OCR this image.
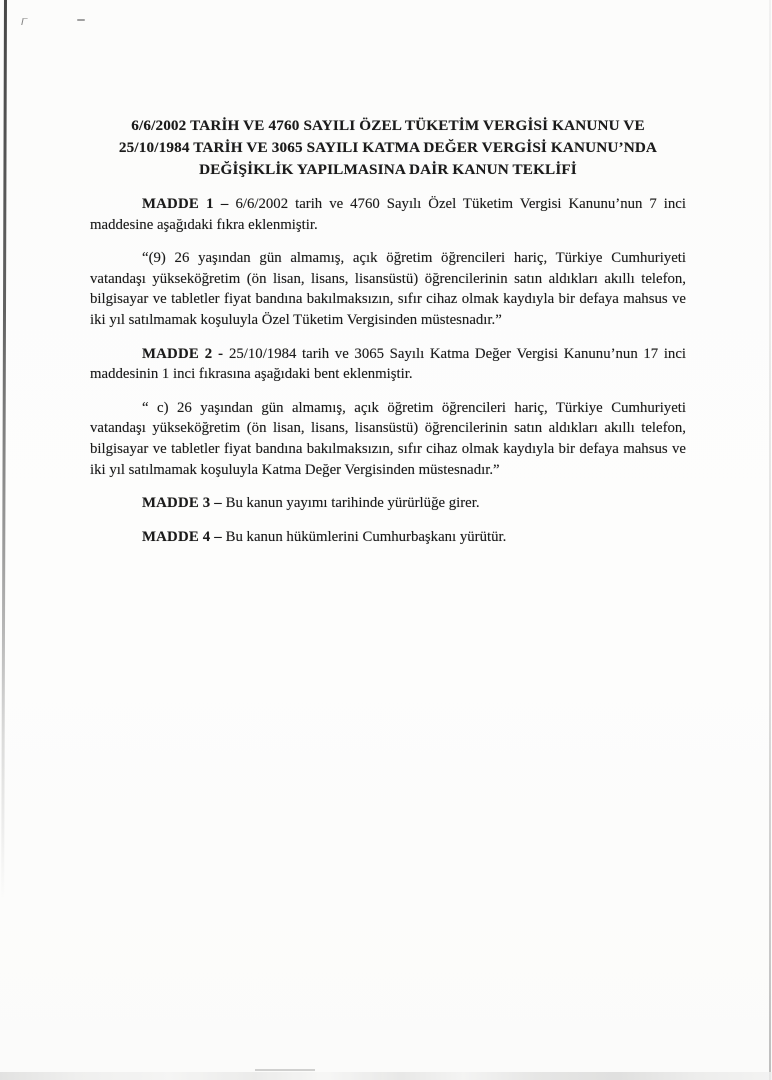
6/6/2002 TARİH VE 4760 SAYILI ÖZEL TÜKETİM VERGİSİ KANUNU VE
25/10/1984 TARİH VE 3065 SAYILI KATMA DEĞER VERGİSİ KANUNU’NDA
DEĞİŞİKLİK YAPILMASINA DAİR KANUN TEKLİFİ

MADDE 1 – 6/6/2002 tarih ve 4760 Sayılı Özel Tüketim Vergisi Kanunu’nun 7 inci maddesine aşağıdaki fıkra eklenmiştir.

“(9) 26 yaşından gün almamış, açık öğretim öğrencileri hariç, Türkiye Cumhuriyeti vatandaşı yükseköğretim (ön lisan, lisans, lisansüstü) öğrencilerinin satın aldıkları akıllı telefon, bilgisayar ve tabletler fiyat bandına bakılmaksızın, sıfır cihaz olmak kaydıyla bir defaya mahsus ve iki yıl satılmamak koşuluyla Özel Tüketim Vergisinden müstesnadır.”

MADDE 2 - 25/10/1984 tarih ve 3065 Sayılı Katma Değer Vergisi Kanunu’nun 17 inci maddesinin 1 inci fıkrasına aşağıdaki bent eklenmiştir.

“ c) 26 yaşından gün almamış, açık öğretim öğrencileri hariç, Türkiye Cumhuriyeti vatandaşı yükseköğretim (ön lisan, lisans, lisansüstü) öğrencilerinin satın aldıkları akıllı telefon, bilgisayar ve tabletler fiyat bandına bakılmaksızın, sıfır cihaz olmak kaydıyla bir defaya mahsus ve iki yıl satılmamak koşuluyla Katma Değer Vergisinden müstesnadır.”

MADDE 3 – Bu kanun yayımı tarihinde yürürlüğe girer.

MADDE 4 – Bu kanun hükümlerini Cumhurbaşkanı yürütür.
